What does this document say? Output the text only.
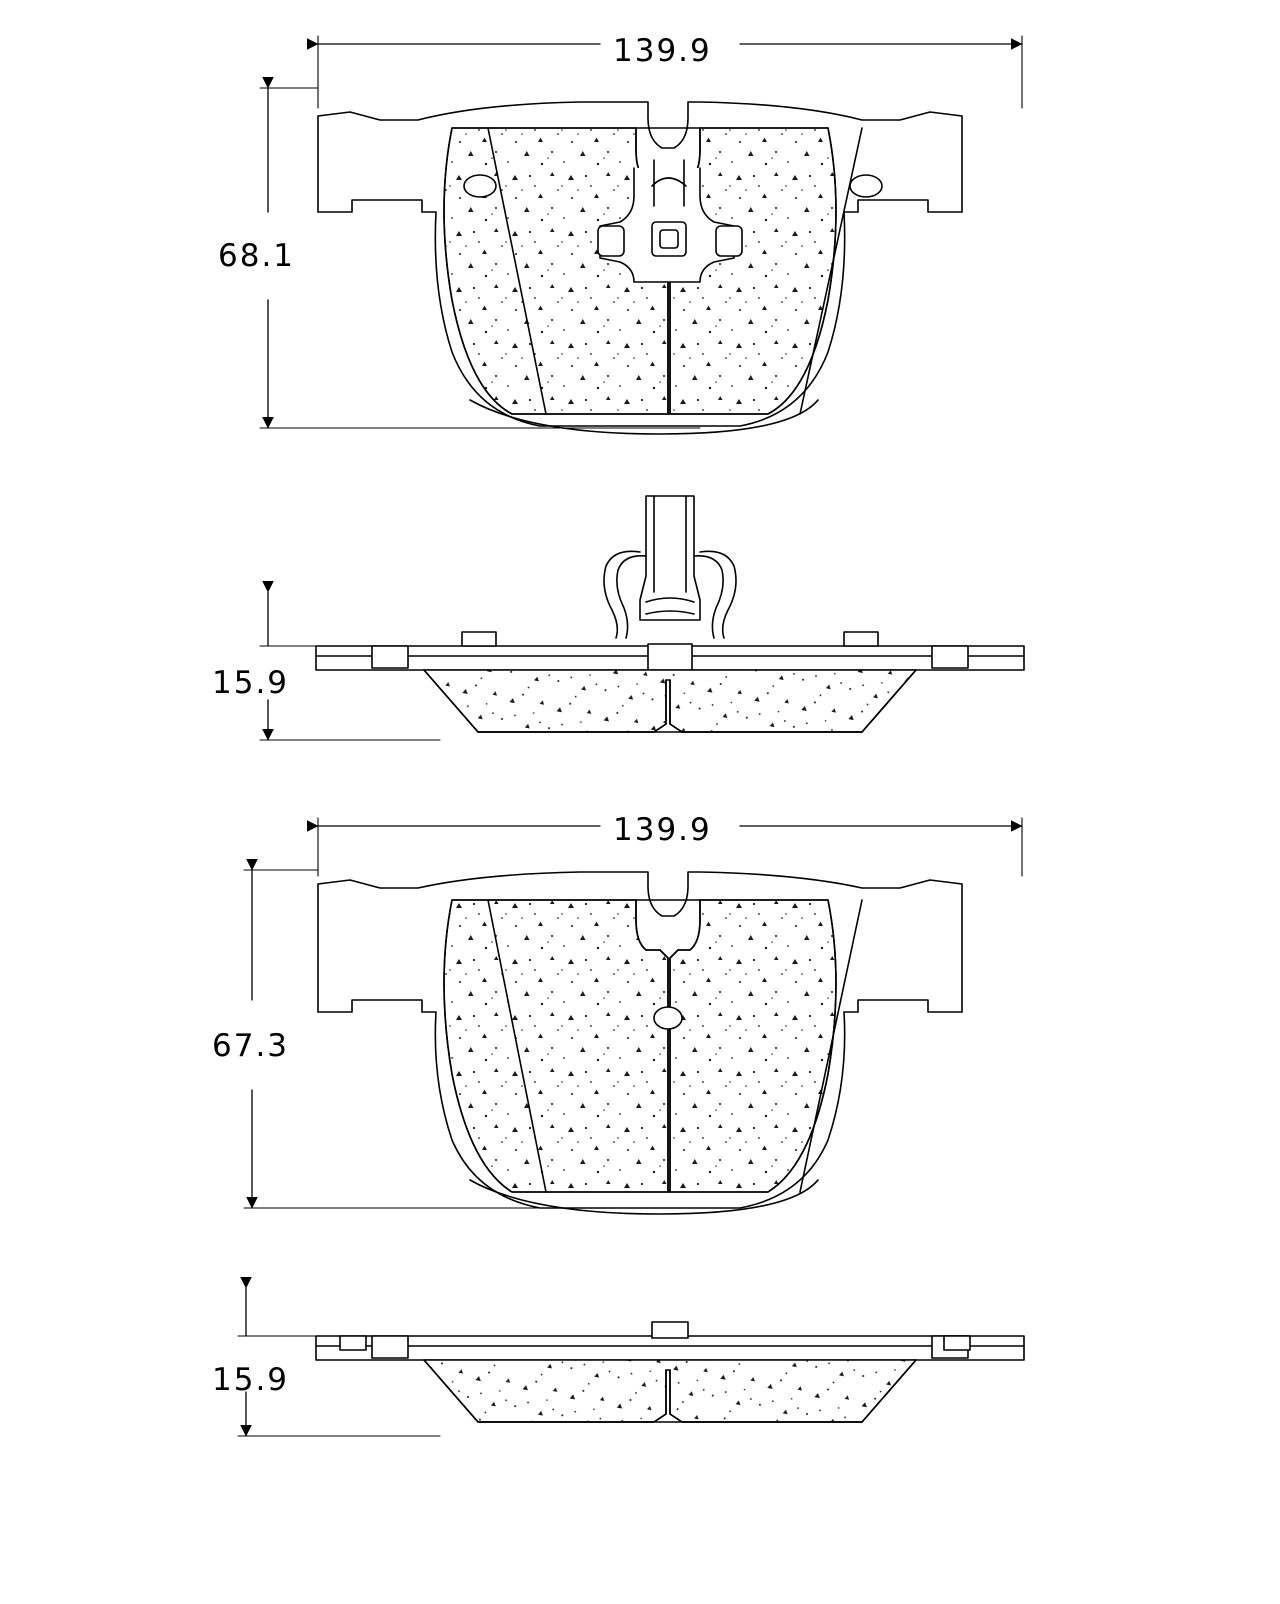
139.9
68.1
15.9
139.9
67.3
15.9
